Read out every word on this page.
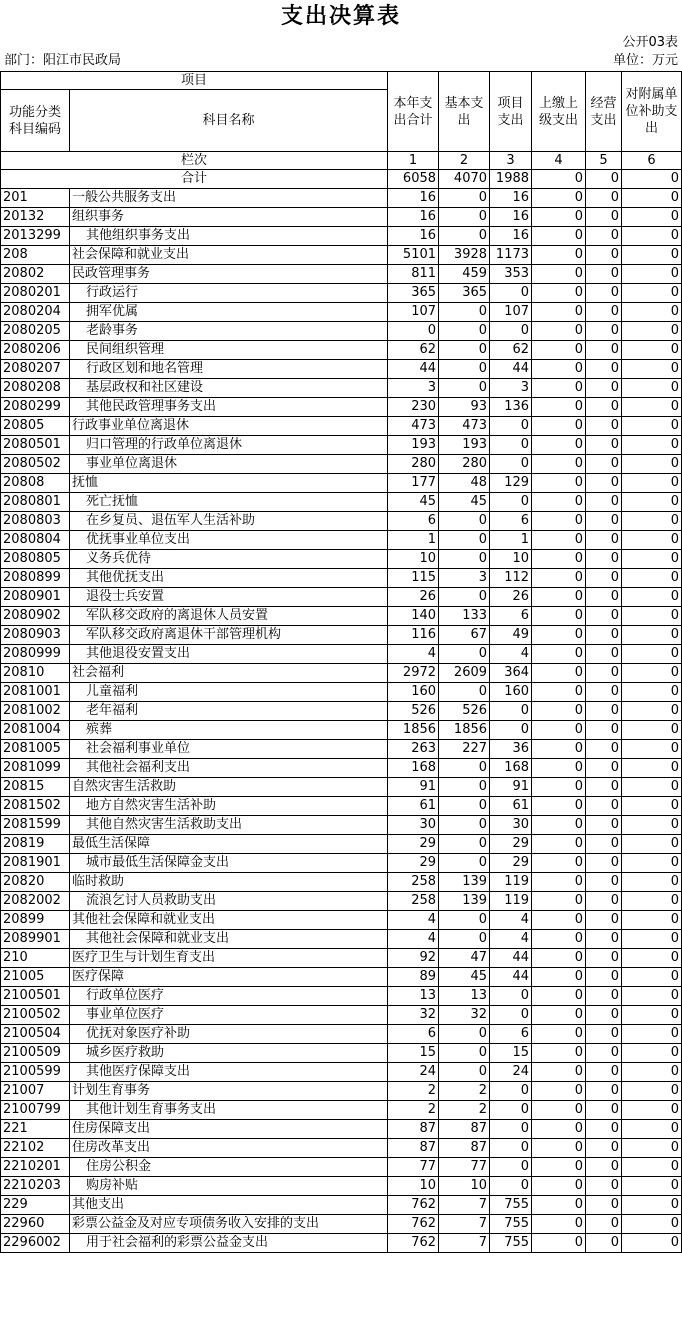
支出决算表
公开03表
部门：阳江市民政局	单位：万元
项目		本年支出合计	基本支出	项目支出	上缴上级支出	经营支出	对附属单位补助支出
功能分类科目编码	科目名称						
栏次		1	2	3	4	5	6
合计		6058	4070	1988	0	0	0
201	一般公共服务支出	16	0	16	0	0	0
20132	组织事务	16	0	16	0	0	0
2013299	其他组织事务支出	16	0	16	0	0	0
208	社会保障和就业支出	5101	3928	1173	0	0	0
20802	民政管理事务	811	459	353	0	0	0
2080201	行政运行	365	365	0	0	0	0
2080204	拥军优属	107	0	107	0	0	0
2080205	老龄事务	0	0	0	0	0	0
2080206	民间组织管理	62	0	62	0	0	0
2080207	行政区划和地名管理	44	0	44	0	0	0
2080208	基层政权和社区建设	3	0	3	0	0	0
2080299	其他民政管理事务支出	230	93	136	0	0	0
20805	行政事业单位离退休	473	473	0	0	0	0
2080501	归口管理的行政单位离退休	193	193	0	0	0	0
2080502	事业单位离退休	280	280	0	0	0	0
20808	抚恤	177	48	129	0	0	0
2080801	死亡抚恤	45	45	0	0	0	0
2080803	在乡复员、退伍军人生活补助	6	0	6	0	0	0
2080804	优抚事业单位支出	1	0	1	0	0	0
2080805	义务兵优待	10	0	10	0	0	0
2080899	其他优抚支出	115	3	112	0	0	0
2080901	退役士兵安置	26	0	26	0	0	0
2080902	军队移交政府的离退休人员安置	140	133	6	0	0	0
2080903	军队移交政府离退休干部管理机构	116	67	49	0	0	0
2080999	其他退役安置支出	4	0	4	0	0	0
20810	社会福利	2972	2609	364	0	0	0
2081001	儿童福利	160	0	160	0	0	0
2081002	老年福利	526	526	0	0	0	0
2081004	殡葬	1856	1856	0	0	0	0
2081005	社会福利事业单位	263	227	36	0	0	0
2081099	其他社会福利支出	168	0	168	0	0	0
20815	自然灾害生活救助	91	0	91	0	0	0
2081502	地方自然灾害生活补助	61	0	61	0	0	0
2081599	其他自然灾害生活救助支出	30	0	30	0	0	0
20819	最低生活保障	29	0	29	0	0	0
2081901	城市最低生活保障金支出	29	0	29	0	0	0
20820	临时救助	258	139	119	0	0	0
2082002	流浪乞讨人员救助支出	258	139	119	0	0	0
20899	其他社会保障和就业支出	4	0	4	0	0	0
2089901	其他社会保障和就业支出	4	0	4	0	0	0
210	医疗卫生与计划生育支出	92	47	44	0	0	0
21005	医疗保障	89	45	44	0	0	0
2100501	行政单位医疗	13	13	0	0	0	0
2100502	事业单位医疗	32	32	0	0	0	0
2100504	优抚对象医疗补助	6	0	6	0	0	0
2100509	城乡医疗救助	15	0	15	0	0	0
2100599	其他医疗保障支出	24	0	24	0	0	0
21007	计划生育事务	2	2	0	0	0	0
2100799	其他计划生育事务支出	2	2	0	0	0	0
221	住房保障支出	87	87	0	0	0	0
22102	住房改革支出	87	87	0	0	0	0
2210201	住房公积金	77	77	0	0	0	0
2210203	购房补贴	10	10	0	0	0	0
229	其他支出	762	7	755	0	0	0
22960	彩票公益金及对应专项债务收入安排的支出	762	7	755	0	0	0
2296002	用于社会福利的彩票公益金支出	762	7	755	0	0	0
